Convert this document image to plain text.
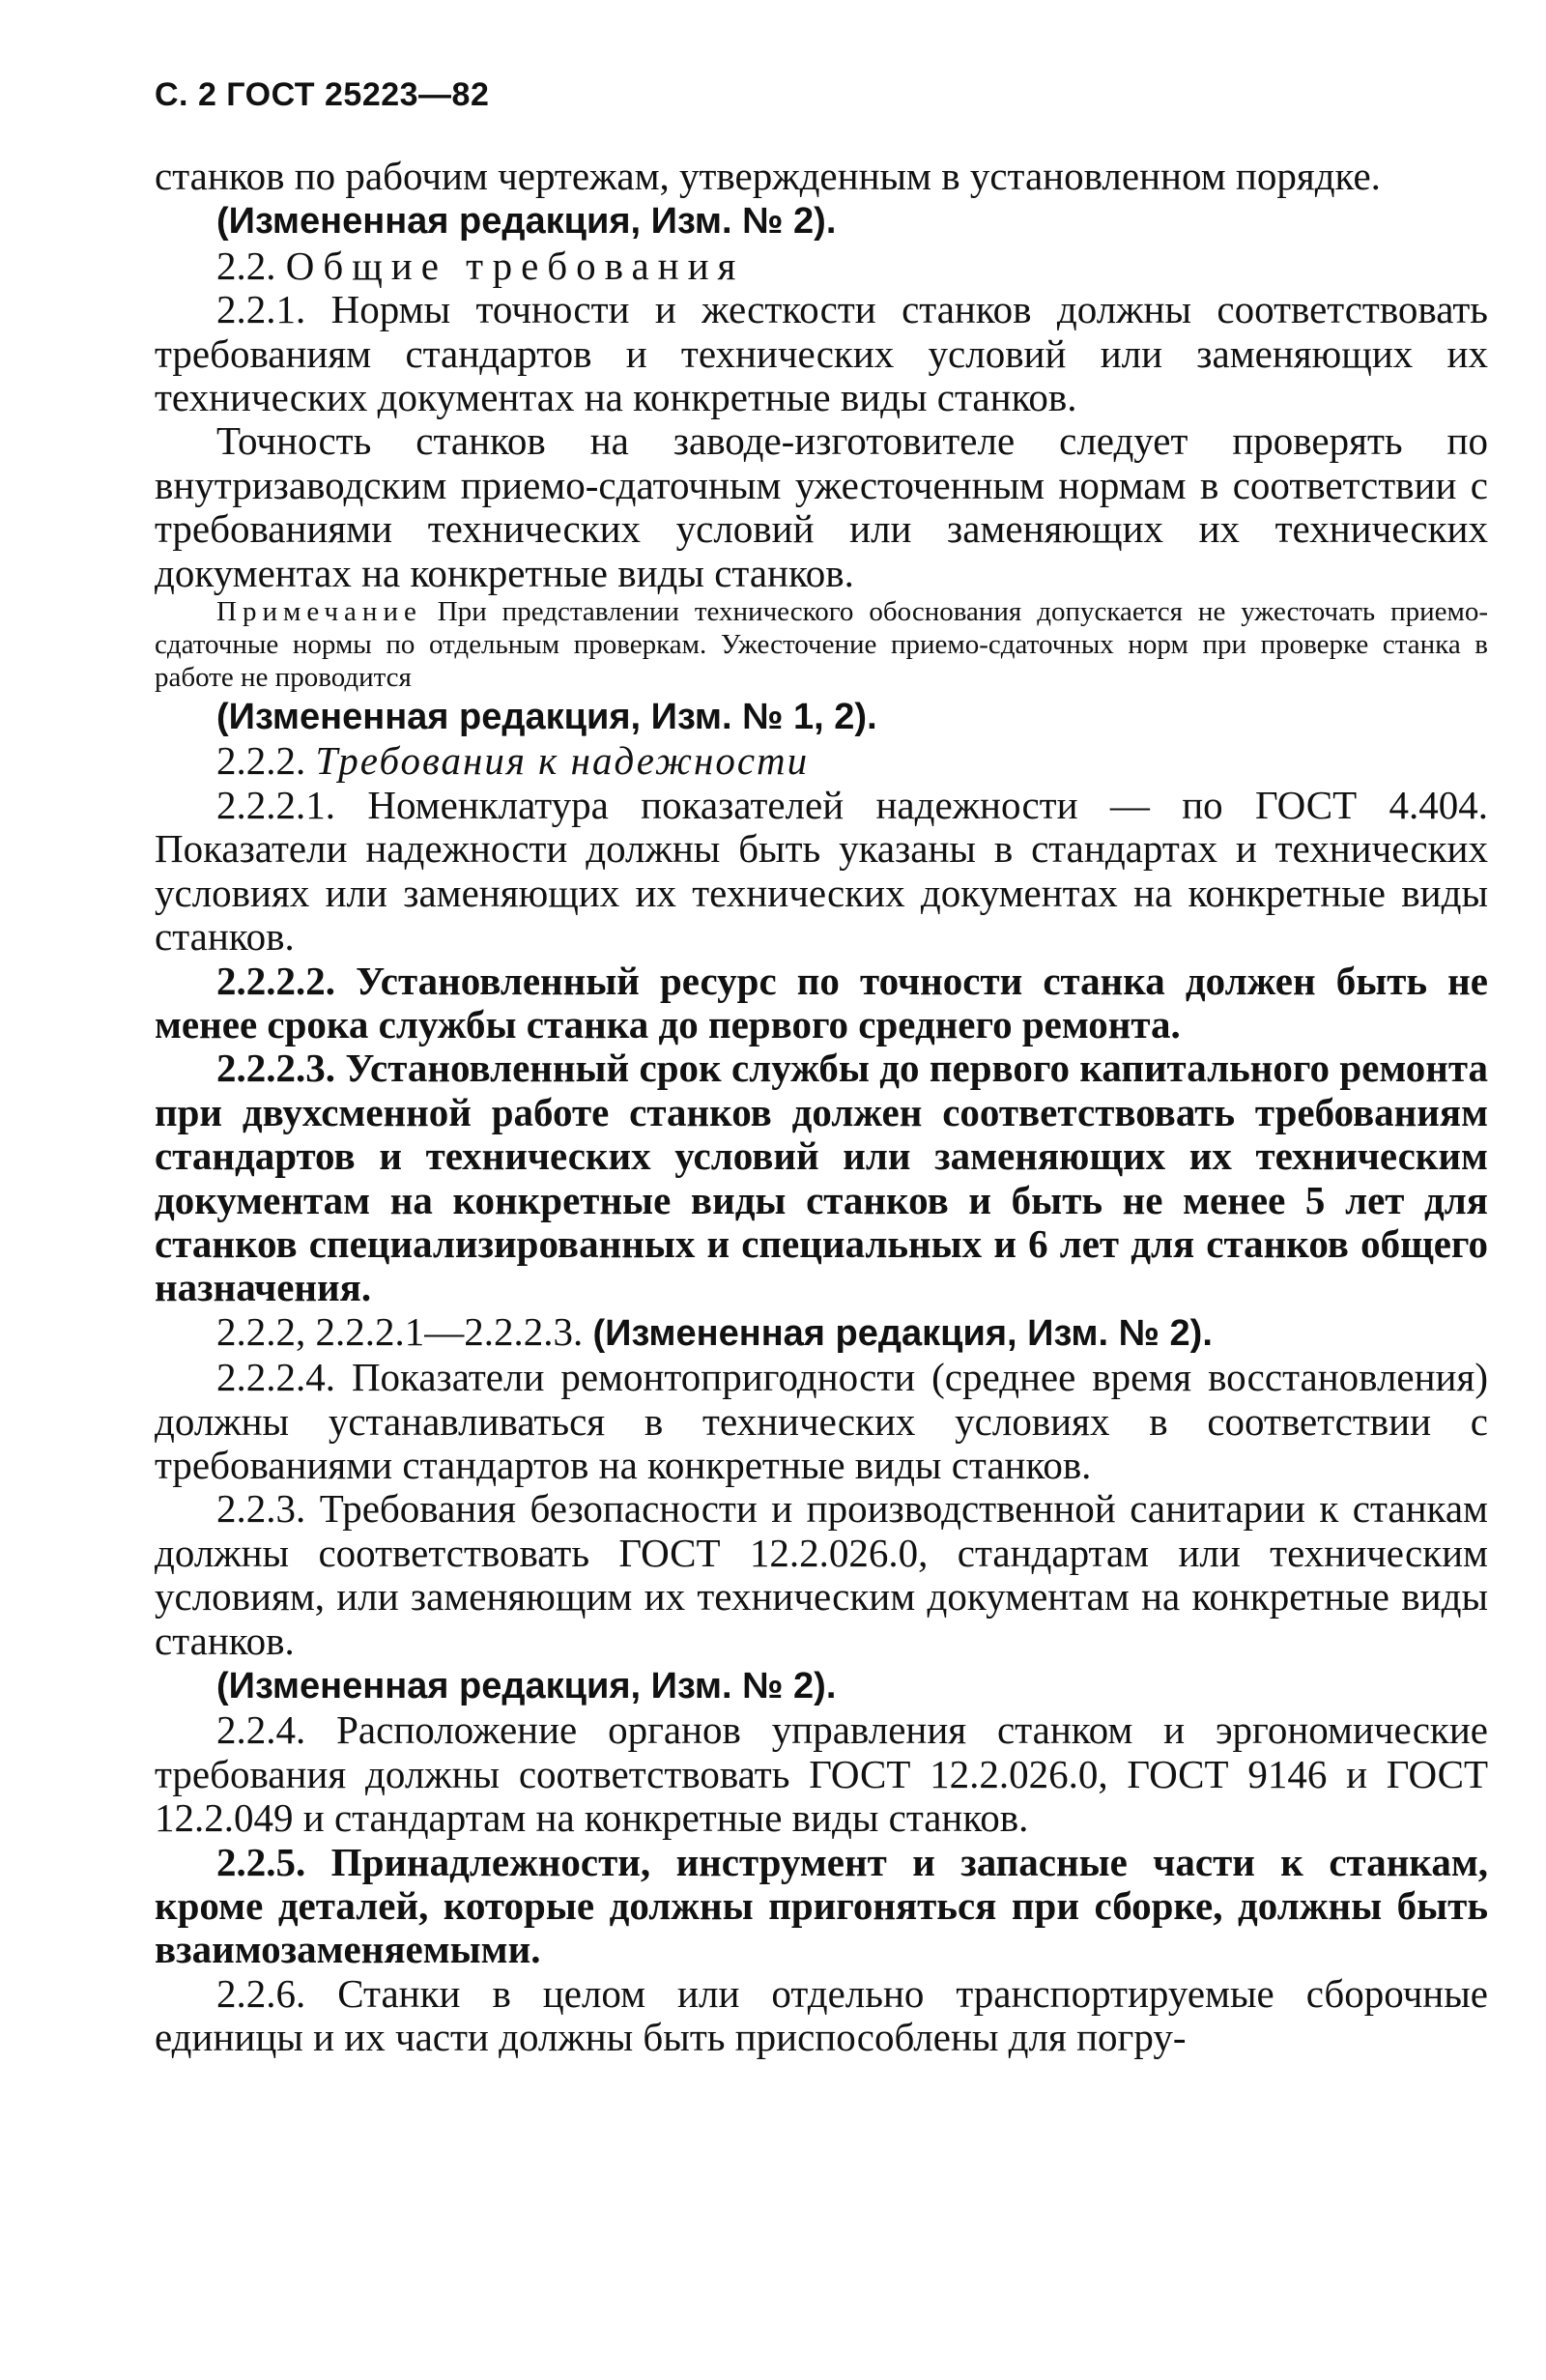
С. 2 ГОСТ 25223—82

станков по рабочим чертежам, утвержденным в установленном порядке.

(Измененная редакция, Изм. № 2).

2.2. Общие требования

2.2.1. Нормы точности и жесткости станков должны соответствовать требованиям стандартов и технических условий или заменяющих их технических документах на конкретные виды станков.

Точность станков на заводе-изготовителе следует проверять по внутризаводским приемо-сдаточным ужесточенным нормам в соответствии с требованиями технических условий или заменяющих их технических документах на конкретные виды станков.

Примечание При представлении технического обоснования допускается не ужесточать приемо-сдаточные нормы по отдельным проверкам. Ужесточение приемо-сдаточных норм при проверке станка в работе не проводится

(Измененная редакция, Изм. № 1, 2).

2.2.2. Требования к надежности

2.2.2.1. Номенклатура показателей надежности — по ГОСТ 4.404. Показатели надежности должны быть указаны в стандартах и технических условиях или заменяющих их технических документах на конкретные виды станков.

2.2.2.2. Установленный ресурс по точности станка должен быть не менее срока службы станка до первого среднего ремонта.

2.2.2.3. Установленный срок службы до первого капитального ремонта при двухсменной работе станков должен соответствовать требованиям стандартов и технических условий или заменяющих их техническим документам на конкретные виды станков и быть не менее 5 лет для станков специализированных и специальных и 6 лет для станков общего назначения.

2.2.2, 2.2.2.1—2.2.2.3. (Измененная редакция, Изм. № 2).

2.2.2.4. Показатели ремонтопригодности (среднее время восстановления) должны устанавливаться в технических условиях в соответствии с требованиями стандартов на конкретные виды станков.

2.2.3. Требования безопасности и производственной санитарии к станкам должны соответствовать ГОСТ 12.2.026.0, стандартам или техническим условиям, или заменяющим их техническим документам на конкретные виды станков.

(Измененная редакция, Изм. № 2).

2.2.4. Расположение органов управления станком и эргономические требования должны соответствовать ГОСТ 12.2.026.0, ГОСТ 9146 и ГОСТ 12.2.049 и стандартам на конкретные виды станков.

2.2.5. Принадлежности, инструмент и запасные части к станкам, кроме деталей, которые должны пригоняться при сборке, должны быть взаимозаменяемыми.

2.2.6. Станки в целом или отдельно транспортируемые сборочные единицы и их части должны быть приспособлены для погру-
